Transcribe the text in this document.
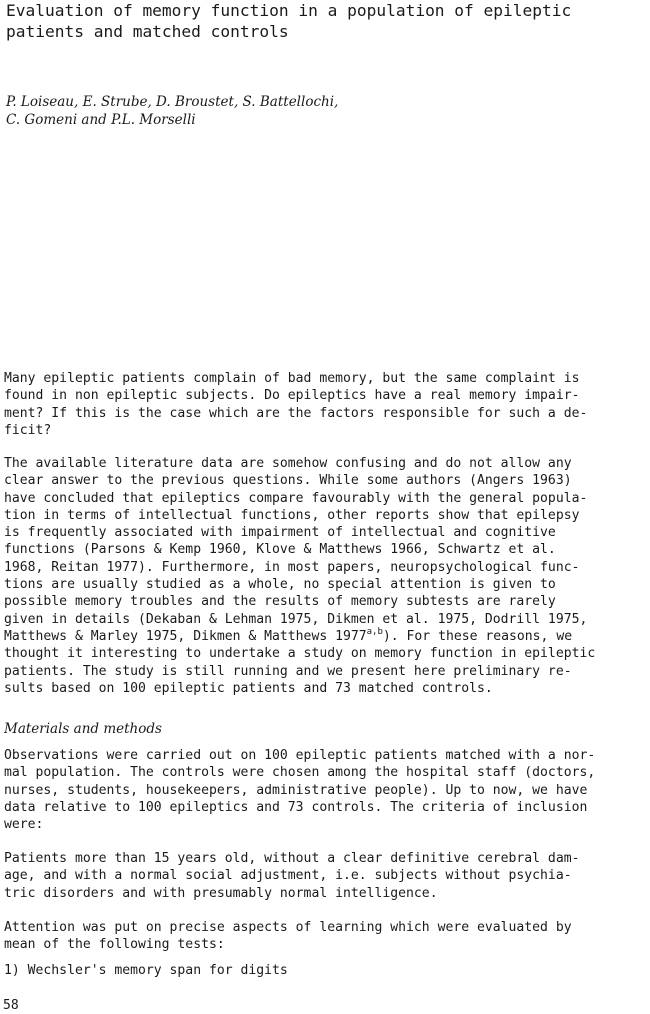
Evaluation of memory function in a population of epileptic
patients and matched controls
P. Loiseau, E. Strube, D. Broustet, S. Battellochi,
C. Gomeni and P.L. Morselli

Many epileptic patients complain of bad memory, but the same complaint is
found in non epileptic subjects. Do epileptics have a real memory impair-
ment? If this is the case which are the factors responsible for such a de-
ficit?

The available literature data are somehow confusing and do not allow any
clear answer to the previous questions. While some authors (Angers 1963)
have concluded that epileptics compare favourably with the general popula-
tion in terms of intellectual functions, other reports show that epilepsy
is frequently associated with impairment of intellectual and cognitive
functions (Parsons & Kemp 1960, Klove & Matthews 1966, Schwartz et al.
1968, Reitan 1977). Furthermore, in most papers, neuropsychological func-
tions are usually studied as a whole, no special attention is given to
possible memory troubles and the results of memory subtests are rarely
given in details (Dekaban & Lehman 1975, Dikmen et al. 1975, Dodrill 1975,
Matthews & Marley 1975, Dikmen & Matthews 1977$^{a,b}$). For these reasons, we
thought it interesting to undertake a study on memory function in epileptic
patients. The study is still running and we present here preliminary re-
sults based on 100 epileptic patients and 73 matched controls.

Materials and methods

Observations were carried out on 100 epileptic patients matched with a nor-
mal population. The controls were chosen among the hospital staff (doctors,
nurses, students, housekeepers, administrative people). Up to now, we have
data relative to 100 epileptics and 73 controls. The criteria of inclusion
were:

Patients more than 15 years old, without a clear definitive cerebral dam-
age, and with a normal social adjustment, i.e. subjects without psychia-
tric disorders and with presumably normal intelligence.

Attention was put on precise aspects of learning which were evaluated by
mean of the following tests:

1) Wechsler's memory span for digits

58
